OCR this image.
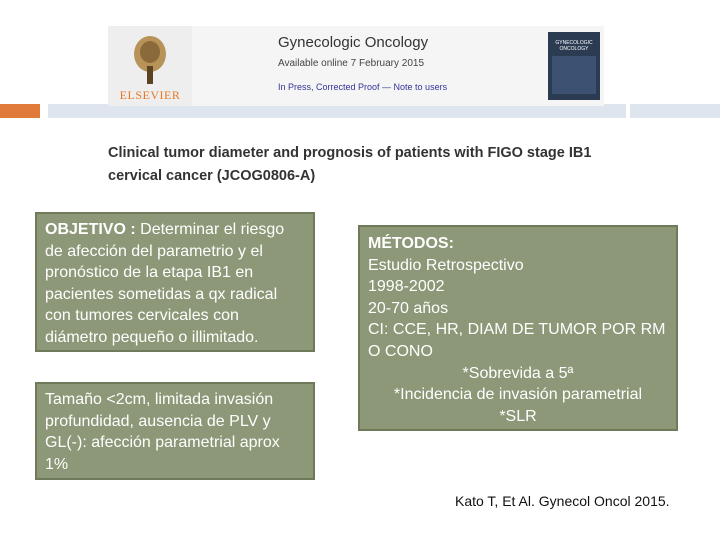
ELSEVIER
Gynecologic Oncology
Available online 7 February 2015
In Press, Corrected Proof — Note to users
GYNECOLOGIC ONCOLOGY
Clinical tumor diameter and prognosis of patients with FIGO stage IB1
cervical cancer (JCOG0806-A)
OBJETIVO : Determinar el riesgo de afección del parametrio y el pronóstico de la etapa IB1 en pacientes sometidas a qx radical con tumores cervicales con diámetro pequeño o illimitado.
Tamaño <2cm, limitada invasión profundidad, ausencia de PLV y GL(-): afección parametrial aprox 1%
MÉTODOS:
Estudio Retrospectivo
1998-2002
20-70 años
CI: CCE, HR, DIAM DE TUMOR POR RM O CONO
*Sobrevida a 5ª
*Incidencia de invasión parametrial
*SLR
Kato T, Et Al. Gynecol Oncol 2015.
